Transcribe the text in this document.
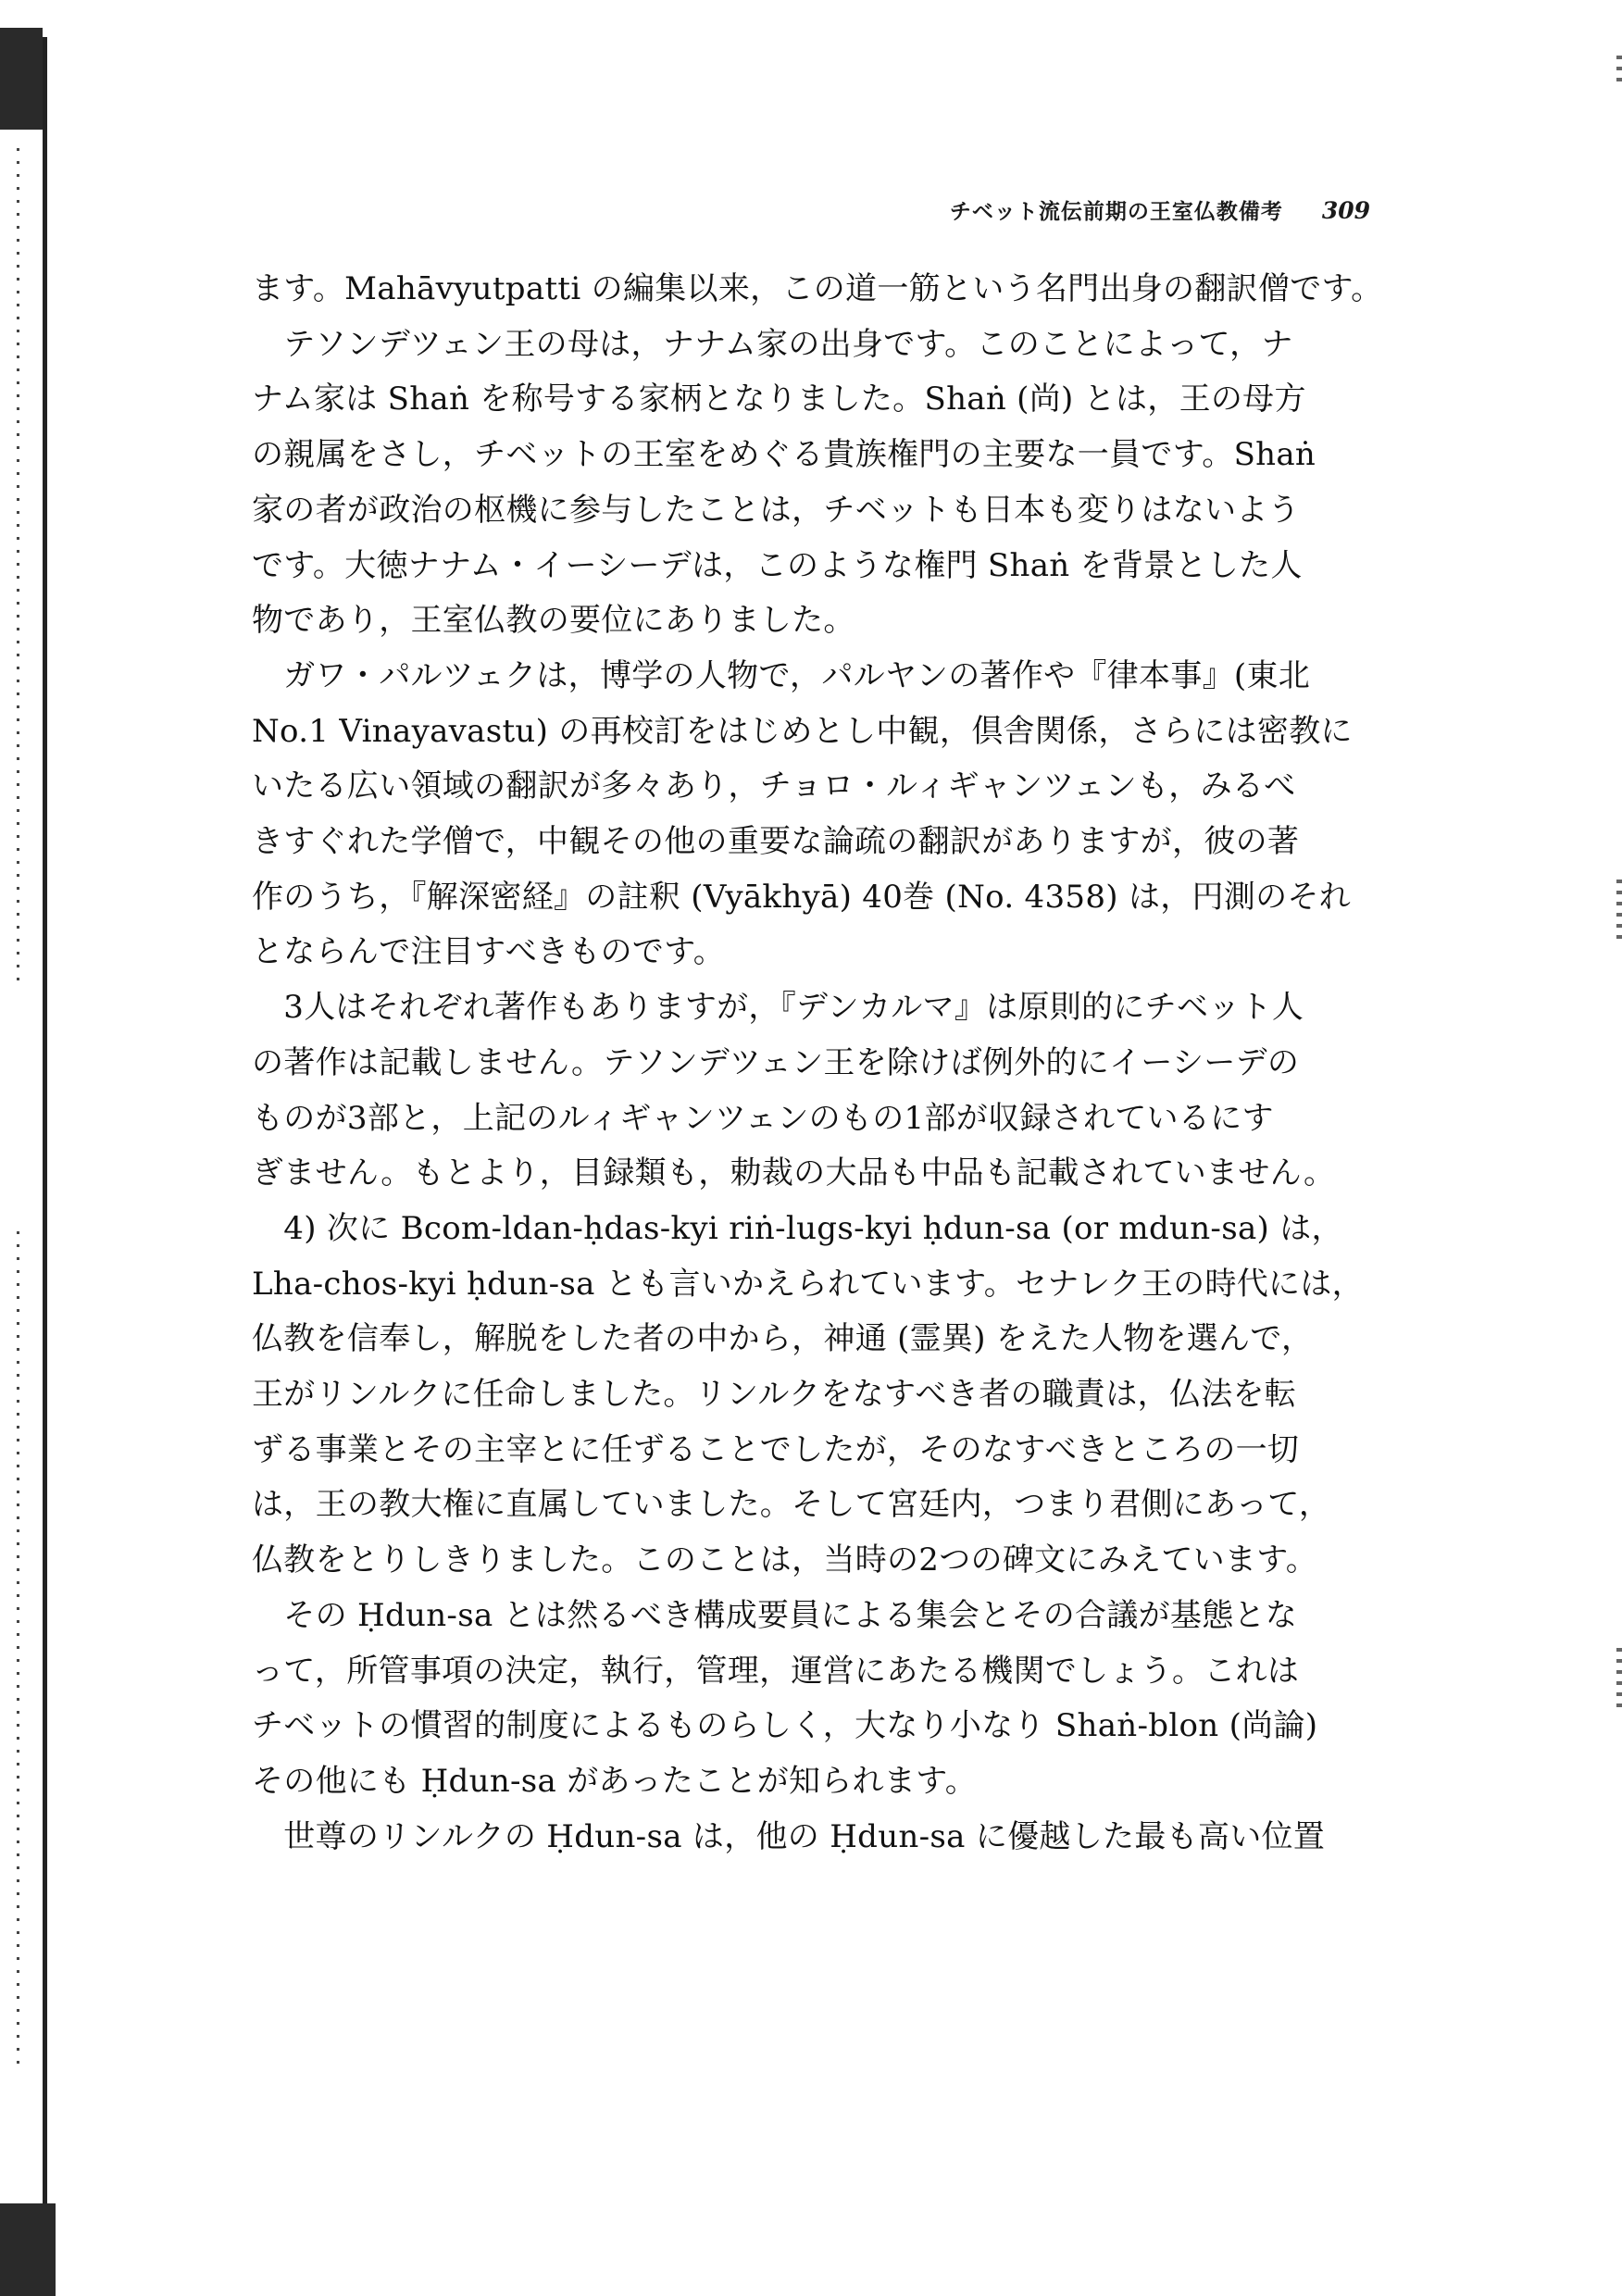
チベット流伝前期の王室仏教備考 309

ます。Mahāvyutpatti の編集以来，この道一筋という名門出身の翻訳僧です。

　テソンデツェン王の母は，ナナム家の出身です。このことによって，ナ

ナム家は Shaṅ を称号する家柄となりました。Shaṅ (尚) とは，王の母方

の親属をさし，チベットの王室をめぐる貴族権門の主要な一員です。Shaṅ

家の者が政治の枢機に参与したことは，チベットも日本も変りはないよう

です。大徳ナナム・イーシーデは，このような権門 Shaṅ を背景とした人

物であり，王室仏教の要位にありました。

　ガワ・パルツェクは，博学の人物で，パルヤンの著作や『律本事』(東北

No.1 Vinayavastu) の再校訂をはじめとし中観，倶舎関係，さらには密教に

いたる広い領域の翻訳が多々あり，チョロ・ルィギャンツェンも，みるべ

きすぐれた学僧で，中観その他の重要な論疏の翻訳がありますが，彼の著

作のうち，『解深密経』の註釈 (Vyākhyā) 40巻 (No. 4358) は，円測のそれ

とならんで注目すべきものです。

　3人はそれぞれ著作もありますが，『デンカルマ』は原則的にチベット人

の著作は記載しません。テソンデツェン王を除けば例外的にイーシーデの

ものが3部と，上記のルィギャンツェンのもの1部が収録されているにす

ぎません。もとより，目録類も，勅裁の大品も中品も記載されていません。

　4) 次に Bcom-ldan-ḥdas-kyi riṅ-lugs-kyi ḥdun-sa (or mdun-sa) は，

Lha-chos-kyi ḥdun-sa とも言いかえられています。セナレク王の時代には，

仏教を信奉し，解脱をした者の中から，神通 (霊異) をえた人物を選んで，

王がリンルクに任命しました。リンルクをなすべき者の職責は，仏法を転

ずる事業とその主宰とに任ずることでしたが，そのなすべきところの一切

は，王の教大権に直属していました。そして宮廷内，つまり君側にあって，

仏教をとりしきりました。このことは，当時の2つの碑文にみえています。

　その Ḥdun-sa とは然るべき構成要員による集会とその合議が基態とな

って，所管事項の決定，執行，管理，運営にあたる機関でしょう。これは

チベットの慣習的制度によるものらしく，大なり小なり Shaṅ-blon (尚論)

その他にも Ḥdun-sa があったことが知られます。

　世尊のリンルクの Ḥdun-sa は，他の Ḥdun-sa に優越した最も高い位置
